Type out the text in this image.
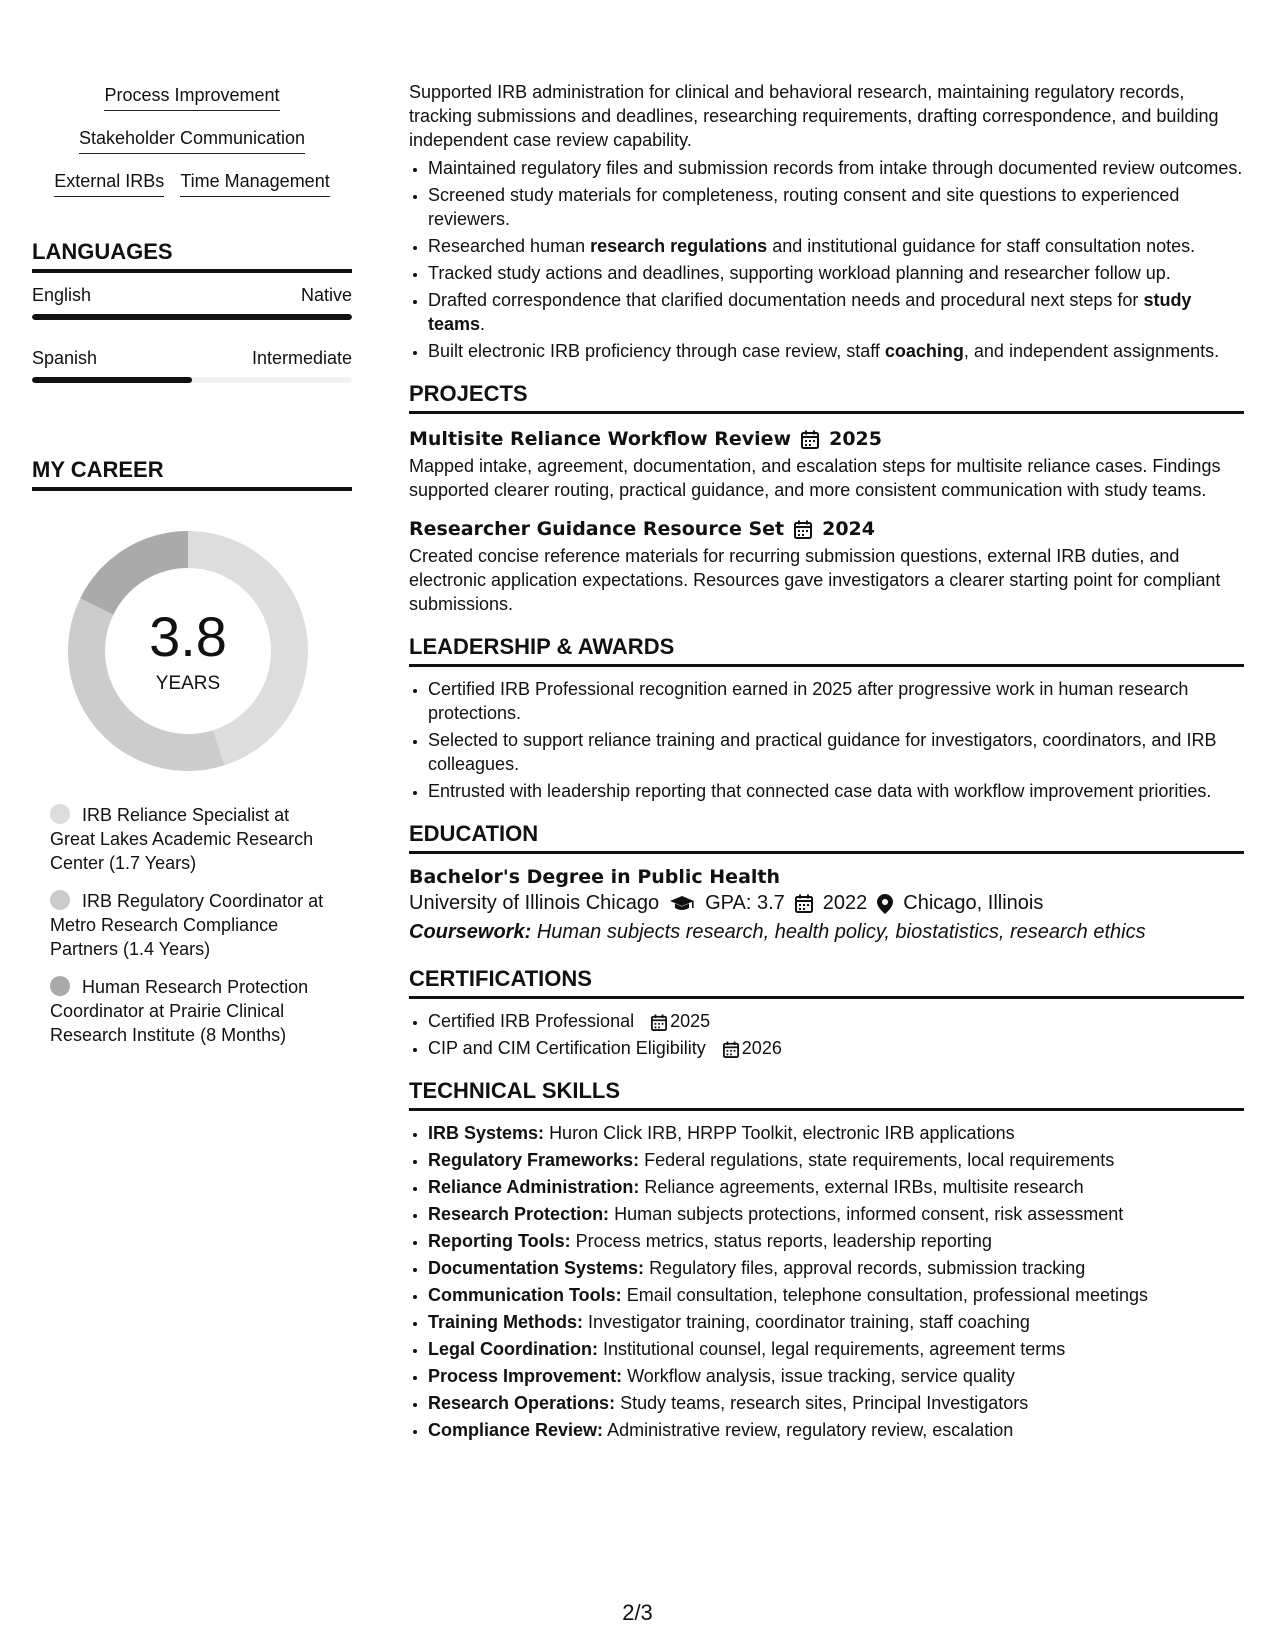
Process Improvement
Stakeholder Communication
External IRBs Time Management
LANGUAGES
English	Native
Spanish	Intermediate
MY CAREER
3.8
YEARS
IRB Reliance Specialist at Great Lakes Academic Research Center (1.7 Years)
IRB Regulatory Coordinator at Metro Research Compliance Partners (1.4 Years)
Human Research Protection Coordinator at Prairie Clinical Research Institute (8 Months)

Supported IRB administration for clinical and behavioral research, maintaining regulatory records, tracking submissions and deadlines, researching requirements, drafting correspondence, and building independent case review capability.

• Maintained regulatory files and submission records from intake through documented review outcomes.
• Screened study materials for completeness, routing consent and site questions to experienced reviewers.
• Researched human research regulations and institutional guidance for staff consultation notes.
• Tracked study actions and deadlines, supporting workload planning and researcher follow up.
• Drafted correspondence that clarified documentation needs and procedural next steps for study teams.
• Built electronic IRB proficiency through case review, staff coaching, and independent assignments.
PROJECTS
Multisite Reliance Workflow Review 2025

Mapped intake, agreement, documentation, and escalation steps for multisite reliance cases. Findings supported clearer routing, practical guidance, and more consistent communication with study teams.

Researcher Guidance Resource Set 2024

Created concise reference materials for recurring submission questions, external IRB duties, and electronic application expectations. Resources gave investigators a clearer starting point for compliant submissions.

LEADERSHIP & AWARDS
• Certified IRB Professional recognition earned in 2025 after progressive work in human research protections.
• Selected to support reliance training and practical guidance for investigators, coordinators, and IRB colleagues.
• Entrusted with leadership reporting that connected case data with workflow improvement priorities.
EDUCATION
Bachelor's Degree in Public Health
University of Illinois Chicago GPA: 3.7 2022 Chicago, Illinois
Coursework: Human subjects research, health policy, biostatistics, research ethics
CERTIFICATIONS
• Certified IRB Professional 2025
• CIP and CIM Certification Eligibility 2026
TECHNICAL SKILLS
• IRB Systems: Huron Click IRB, HRPP Toolkit, electronic IRB applications
• Regulatory Frameworks: Federal regulations, state requirements, local requirements
• Reliance Administration: Reliance agreements, external IRBs, multisite research
• Research Protection: Human subjects protections, informed consent, risk assessment
• Reporting Tools: Process metrics, status reports, leadership reporting
• Documentation Systems: Regulatory files, approval records, submission tracking
• Communication Tools: Email consultation, telephone consultation, professional meetings
• Training Methods: Investigator training, coordinator training, staff coaching
• Legal Coordination: Institutional counsel, legal requirements, agreement terms
• Process Improvement: Workflow analysis, issue tracking, service quality
• Research Operations: Study teams, research sites, Principal Investigators
• Compliance Review: Administrative review, regulatory review, escalation
2/3
